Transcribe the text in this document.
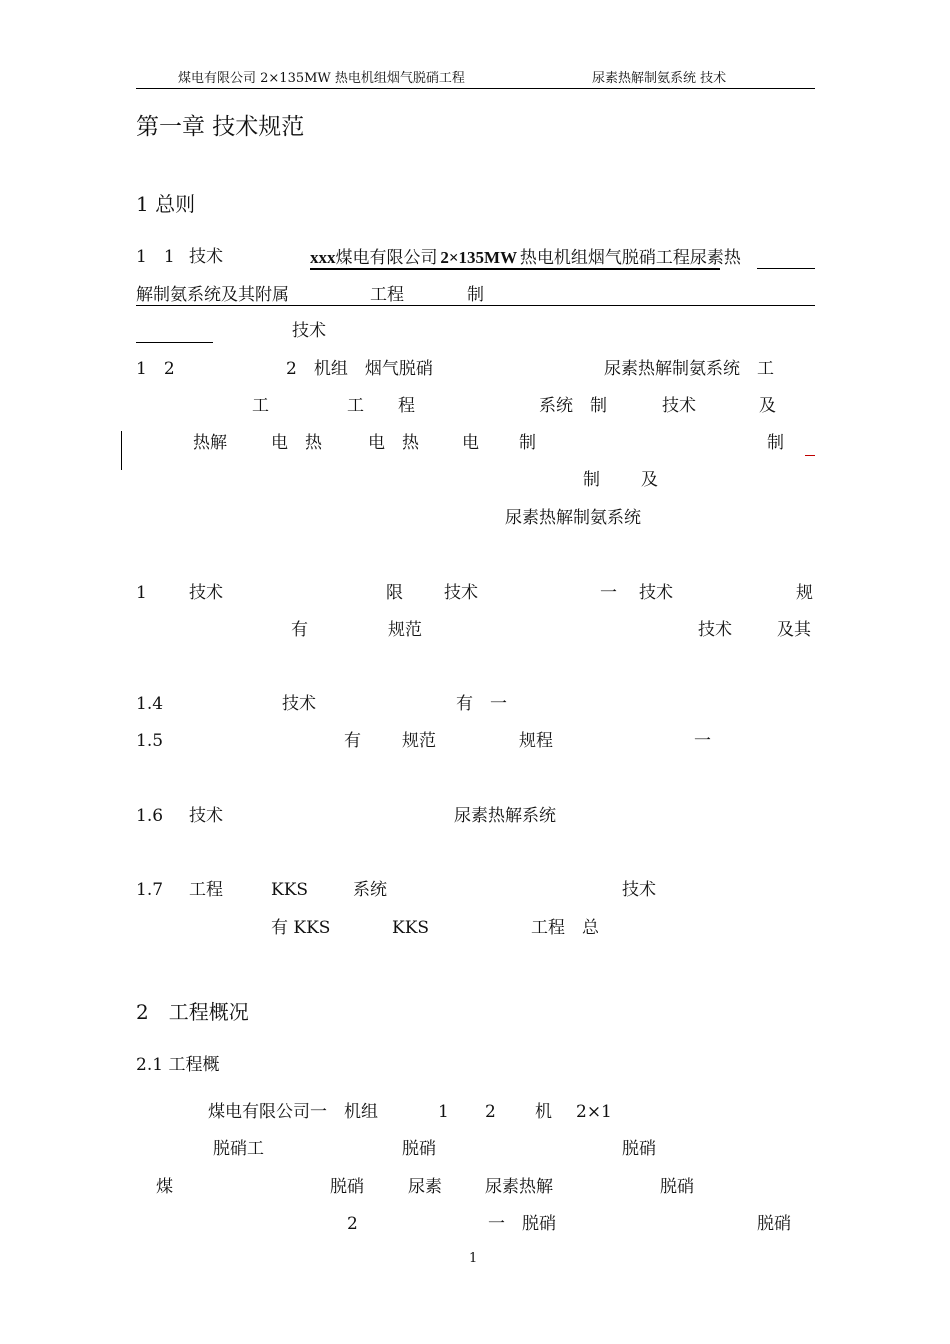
煤电有限公司 2×135MW 热电机组烟气脱硝工程	尿素热解制氨系统 技术
第一章 技术规范
1 总则
1　1 技术	xxx煤电有限公司  2×135MW  热电机组烟气脱硝工程尿素热
解制氨系统及其附属	工程	制
技术
1　2	2　机组　烟气脱硝	尿素热解制氨系统　工
工	工　　程	系统　制	技术	及
热解	电　热	电　热	电 制	制
制 及
尿素热解制氨系统
1 技术	限 技术	一 技术	规
有	规范	技术	及其
1.4	技术	有　一
1.5	有 规范	规程	一
1.6 技术	尿素热解系统
1.7 工程	KKS	系统	技术
有 KKS	KKS	工程　总
2　工程概况
2.1 工程概
煤电有限公司一　机组	1 2 机 2×1
脱硝工	脱硝	脱硝
煤	脱硝	尿素	尿素热解	脱硝
2	一　脱硝	脱硝
1
